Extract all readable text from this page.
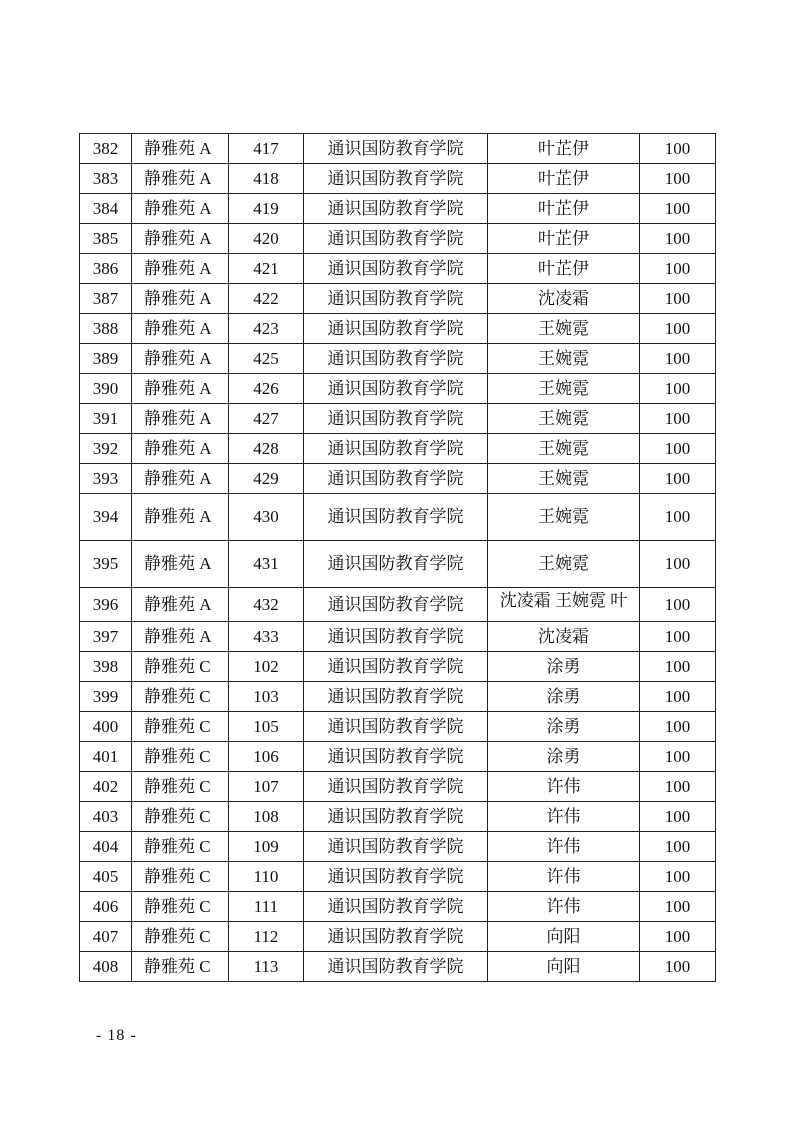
382	静雅苑 A	417	通识国防教育学院	叶芷伊	100
383	静雅苑 A	418	通识国防教育学院	叶芷伊	100
384	静雅苑 A	419	通识国防教育学院	叶芷伊	100
385	静雅苑 A	420	通识国防教育学院	叶芷伊	100
386	静雅苑 A	421	通识国防教育学院	叶芷伊	100
387	静雅苑 A	422	通识国防教育学院	沈凌霜	100
388	静雅苑 A	423	通识国防教育学院	王婉霓	100
389	静雅苑 A	425	通识国防教育学院	王婉霓	100
390	静雅苑 A	426	通识国防教育学院	王婉霓	100
391	静雅苑 A	427	通识国防教育学院	王婉霓	100
392	静雅苑 A	428	通识国防教育学院	王婉霓	100
393	静雅苑 A	429	通识国防教育学院	王婉霓	100
394	静雅苑 A	430	通识国防教育学院	王婉霓	100
395	静雅苑 A	431	通识国防教育学院	王婉霓	100
396	静雅苑 A	432	通识国防教育学院	沈凌霜 王婉霓 叶	100
397	静雅苑 A	433	通识国防教育学院	沈凌霜	100
398	静雅苑 C	102	通识国防教育学院	涂勇	100
399	静雅苑 C	103	通识国防教育学院	涂勇	100
400	静雅苑 C	105	通识国防教育学院	涂勇	100
401	静雅苑 C	106	通识国防教育学院	涂勇	100
402	静雅苑 C	107	通识国防教育学院	许伟	100
403	静雅苑 C	108	通识国防教育学院	许伟	100
404	静雅苑 C	109	通识国防教育学院	许伟	100
405	静雅苑 C	110	通识国防教育学院	许伟	100
406	静雅苑 C	111	通识国防教育学院	许伟	100
407	静雅苑 C	112	通识国防教育学院	向阳	100
408	静雅苑 C	113	通识国防教育学院	向阳	100
- 18 -
